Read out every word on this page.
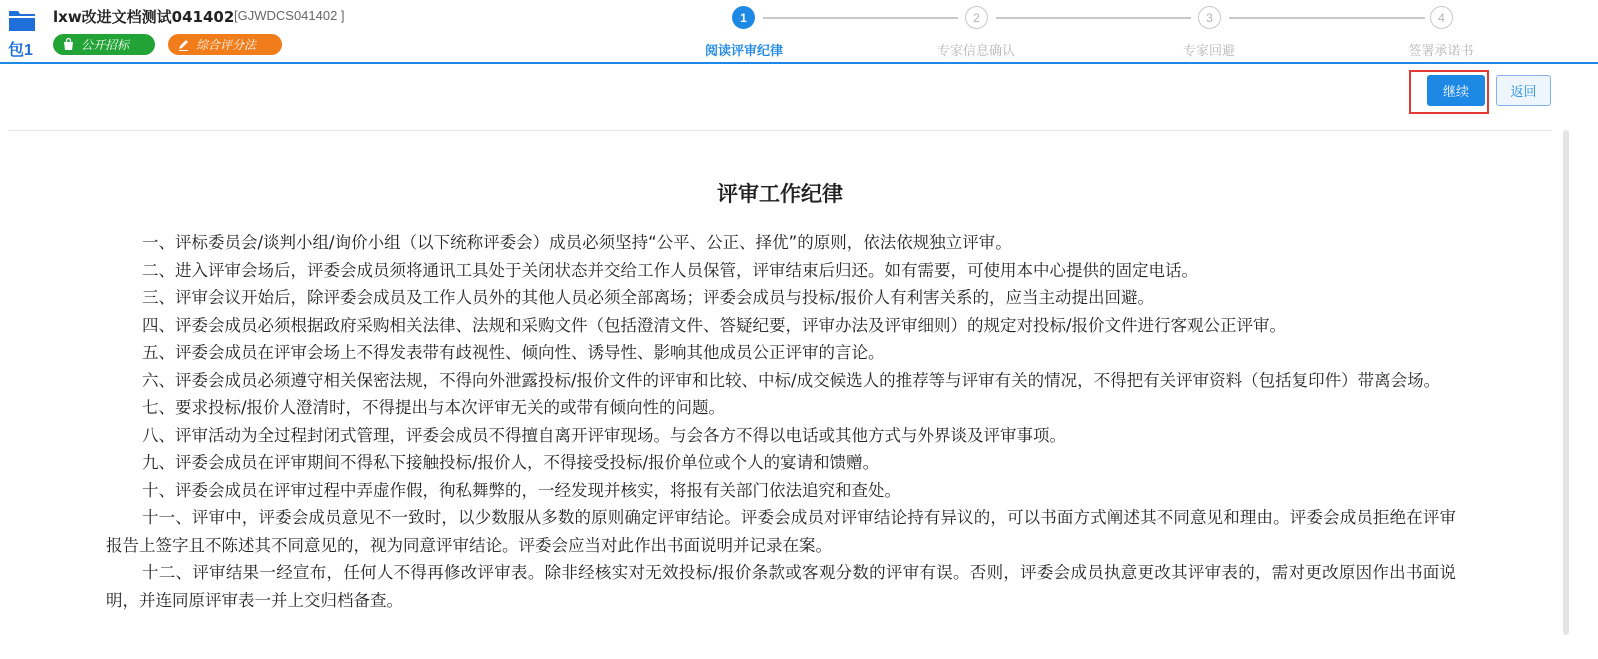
包1
lxw改进文档测试041402 [GJWDCS041402 ]
公开招标	综合评分法
1	2	3	4
阅读评审纪律	专家信息确认	专家回避	签署承诺书
继续	返回
评审工作纪律

一、评标委员会/谈判小组/询价小组（以下统称评委会）成员必须坚持“公平、公正、择优”的原则，依法依规独立评审。

二、进入评审会场后，评委会成员须将通讯工具处于关闭状态并交给工作人员保管，评审结束后归还。如有需要，可使用本中心提供的固定电话。

三、评审会议开始后，除评委会成员及工作人员外的其他人员必须全部离场；评委会成员与投标/报价人有利害关系的，应当主动提出回避。

四、评委会成员必须根据政府采购相关法律、法规和采购文件（包括澄清文件、答疑纪要，评审办法及评审细则）的规定对投标/报价文件进行客观公正评审。

五、评委会成员在评审会场上不得发表带有歧视性、倾向性、诱导性、影响其他成员公正评审的言论。

六、评委会成员必须遵守相关保密法规，不得向外泄露投标/报价文件的评审和比较、中标/成交候选人的推荐等与评审有关的情况，不得把有关评审资料（包括复印件）带离会场。

七、要求投标/报价人澄清时，不得提出与本次评审无关的或带有倾向性的问题。

八、评审活动为全过程封闭式管理，评委会成员不得擅自离开评审现场。与会各方不得以电话或其他方式与外界谈及评审事项。

九、评委会成员在评审期间不得私下接触投标/报价人，不得接受投标/报价单位或个人的宴请和馈赠。

十、评委会成员在评审过程中弄虚作假，徇私舞弊的，一经发现并核实，将报有关部门依法追究和查处。

十一、评审中，评委会成员意见不一致时，以少数服从多数的原则确定评审结论。评委会成员对评审结论持有异议的，可以书面方式阐述其不同意见和理由。评委会成员拒绝在评审报告上签字且不陈述其不同意见的，视为同意评审结论。评委会应当对此作出书面说明并记录在案。

十二、评审结果一经宣布，任何人不得再修改评审表。除非经核实对无效投标/报价条款或客观分数的评审有误。否则，评委会成员执意更改其评审表的，需对更改原因作出书面说明，并连同原评审表一并上交归档备查。
